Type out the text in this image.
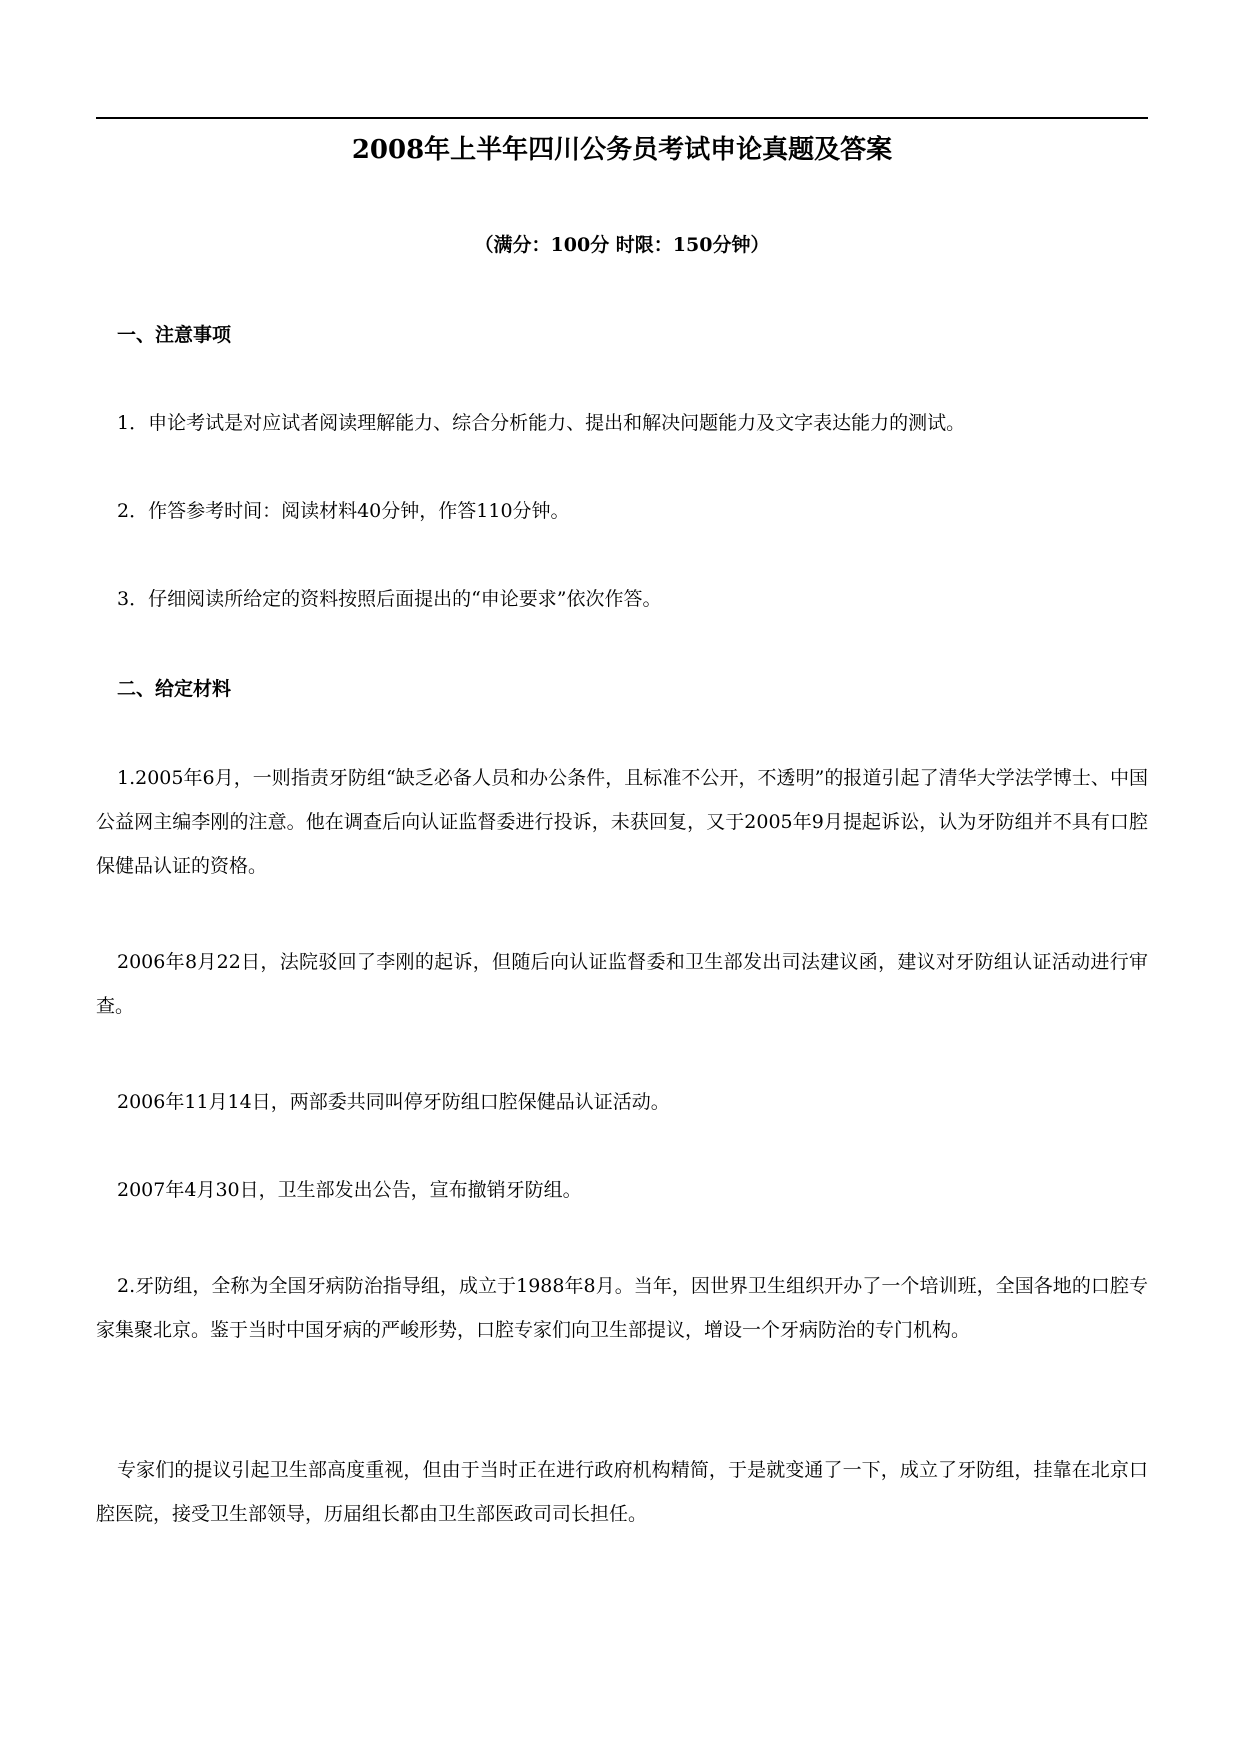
2008年上半年四川公务员考试申论真题及答案
（满分：100分 时限：150分钟）
一、注意事项
1．申论考试是对应试者阅读理解能力、综合分析能力、提出和解决问题能力及文字表达能力的测试。
2．作答参考时间：阅读材料40分钟，作答110分钟。
3．仔细阅读所给定的资料按照后面提出的“申论要求”依次作答。
二、给定材料
1.2005年6月，一则指责牙防组“缺乏必备人员和办公条件，且标准不公开，不透明”的报道引起了清华大学法学博士、中国公益网主编李刚的注意。他在调查后向认证监督委进行投诉，未获回复，又于2005年9月提起诉讼，认为牙防组并不具有口腔保健品认证的资格。
2006年8月22日，法院驳回了李刚的起诉，但随后向认证监督委和卫生部发出司法建议函，建议对牙防组认证活动进行审查。
2006年11月14日，两部委共同叫停牙防组口腔保健品认证活动。
2007年4月30日，卫生部发出公告，宣布撤销牙防组。
2.牙防组，全称为全国牙病防治指导组，成立于1988年8月。当年，因世界卫生组织开办了一个培训班，全国各地的口腔专家集聚北京。鉴于当时中国牙病的严峻形势，口腔专家们向卫生部提议，增设一个牙病防治的专门机构。
专家们的提议引起卫生部高度重视，但由于当时正在进行政府机构精简，于是就变通了一下，成立了牙防组，挂靠在北京口腔医院，接受卫生部领导，历届组长都由卫生部医政司司长担任。
